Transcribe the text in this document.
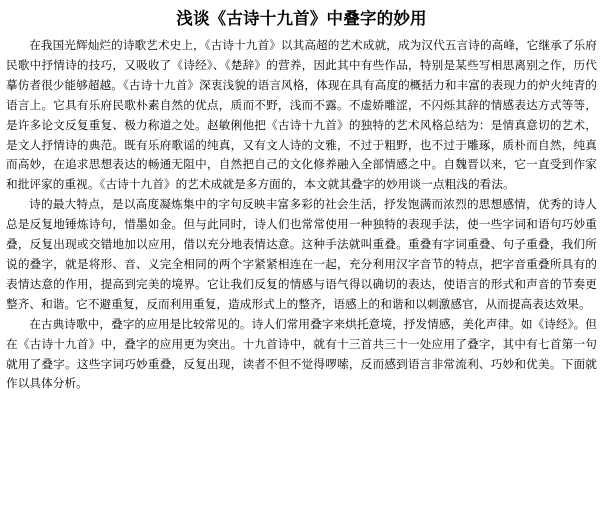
浅谈《古诗十九首》中叠字的妙用

在我国光辉灿烂的诗歌艺术史上，《古诗十九首》以其高超的艺术成就，成为汉代五言诗的高峰，它继承了乐府民歌中抒情诗的技巧，又吸收了《诗经》、《楚辞》的营养，因此其中有些作品，特别是某些写相思离别之作，历代摹仿者很少能够超越。《古诗十九首》深衷浅貌的语言风格，体现在具有高度的概括力和丰富的表现力的炉火纯青的语言上。它具有乐府民歌朴素自然的优点，质而不野，浅而不露。不虚娇雕涩，不闪烁其辞的情感表达方式等等，是许多论文反复重复、极力称道之处。赵敏俐他把《古诗十九首》的独特的艺术风格总结为：是情真意切的艺术，是文人抒情诗的典范。既有乐府歌谣的纯真，又有文人诗的文雅，不过于粗野，也不过于雕琢，质朴而自然，纯真而高妙，在追求思想表达的畅通无阻中，自然把自己的文化修养融入全部情感之中。自魏晋以来，它一直受到作家和批评家的重视。《古诗十九首》的艺术成就是多方面的，本文就其叠字的妙用谈一点粗浅的看法。

诗的最大特点，是以高度凝炼集中的字句反映丰富多彩的社会生活，抒发饱满而浓烈的思想感情，优秀的诗人总是反复地锤炼诗句，惜墨如金。但与此同时，诗人们也常常使用一种独特的表现手法，使一些字词和语句巧妙重叠，反复出现或交错地加以应用，借以充分地表情达意。这种手法就叫重叠。重叠有字词重叠、句子重叠，我们所说的叠字，就是将形、音、义完全相同的两个字紧紧相连在一起，充分利用汉字音节的特点，把字音重叠所具有的表情达意的作用，提高到完美的境界。它让我们反复的情感与语气得以确切的表达，使语言的形式和声音的节奏更整齐、和谐。它不避重复，反而利用重复，造成形式上的整齐，语感上的和谐和以刺激感官，从而提高表达效果。

在古典诗歌中，叠字的应用是比较常见的。诗人们常用叠字来烘托意境，抒发情感，美化声律。如《诗经》。但在《古诗十九首》中，叠字的应用更为突出。十九首诗中，就有十三首共三十一处应用了叠字，其中有七首第一句就用了叠字。这些字词巧妙重叠，反复出现，读者不但不觉得啰嗦，反而感到语言非常流利、巧妙和优美。下面就作以具体分析。
